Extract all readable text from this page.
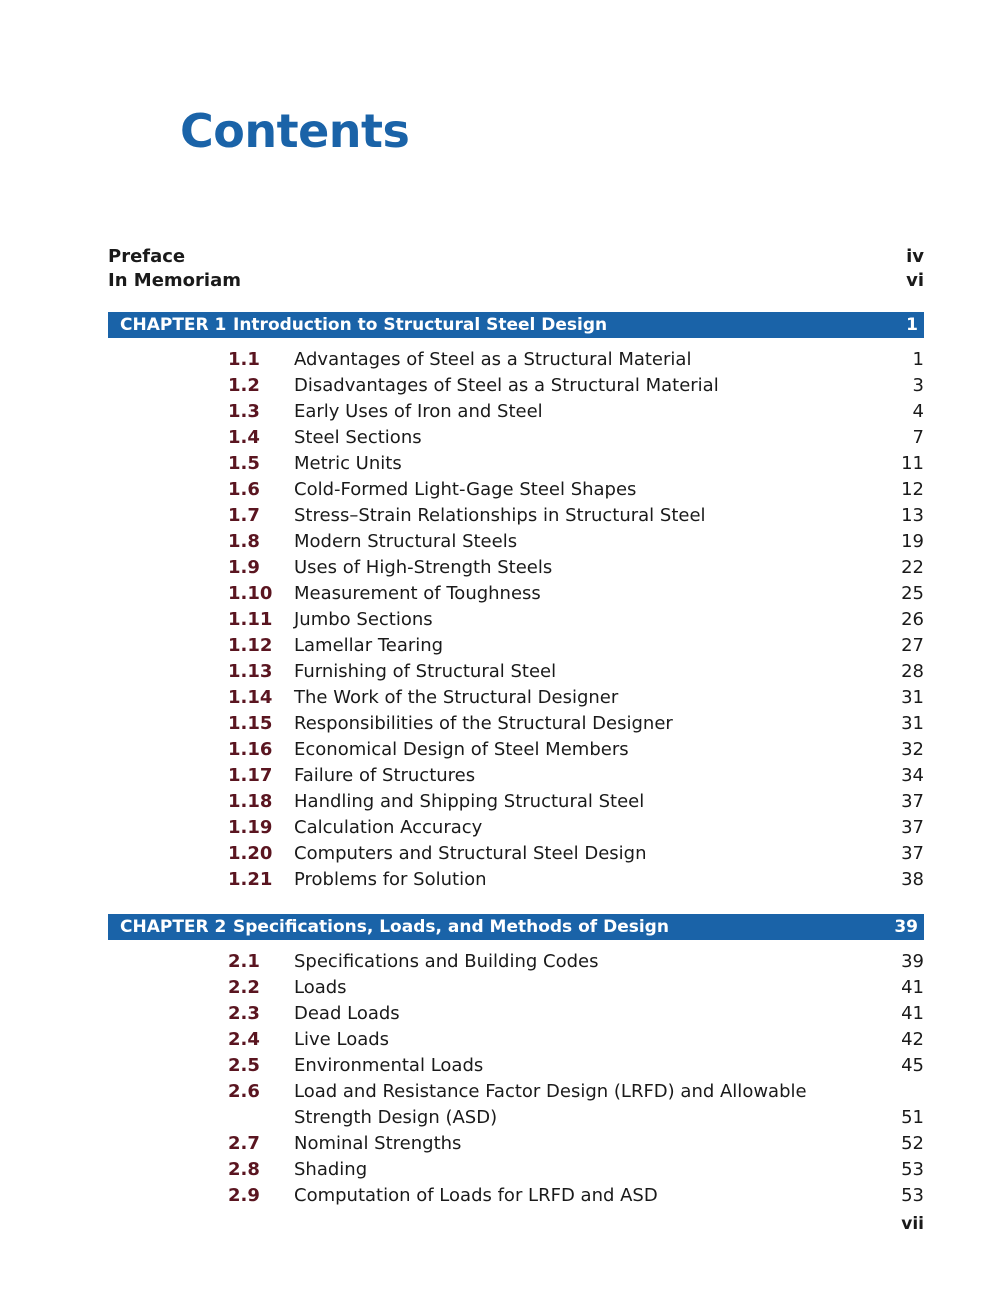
Contents
Preface	iv
In Memoriam	vi
CHAPTER 1 Introduction to Structural Steel Design	1
1.1	Advantages of Steel as a Structural Material	1
1.2	Disadvantages of Steel as a Structural Material	3
1.3	Early Uses of Iron and Steel	4
1.4	Steel Sections	7
1.5	Metric Units	11
1.6	Cold-Formed Light-Gage Steel Shapes	12
1.7	Stress–Strain Relationships in Structural Steel	13
1.8	Modern Structural Steels	19
1.9	Uses of High-Strength Steels	22
1.10	Measurement of Toughness	25
1.11	Jumbo Sections	26
1.12	Lamellar Tearing	27
1.13	Furnishing of Structural Steel	28
1.14	The Work of the Structural Designer	31
1.15	Responsibilities of the Structural Designer	31
1.16	Economical Design of Steel Members	32
1.17	Failure of Structures	34
1.18	Handling and Shipping Structural Steel	37
1.19	Calculation Accuracy	37
1.20	Computers and Structural Steel Design	37
1.21	Problems for Solution	38
CHAPTER 2 Specifications, Loads, and Methods of Design	39
2.1	Specifications and Building Codes	39
2.2	Loads	41
2.3	Dead Loads	41
2.4	Live Loads	42
2.5	Environmental Loads	45
2.6	Load and Resistance Factor Design (LRFD) and Allowable
Strength Design (ASD)	51
2.7	Nominal Strengths	52
2.8	Shading	53
2.9	Computation of Loads for LRFD and ASD	53
vii
